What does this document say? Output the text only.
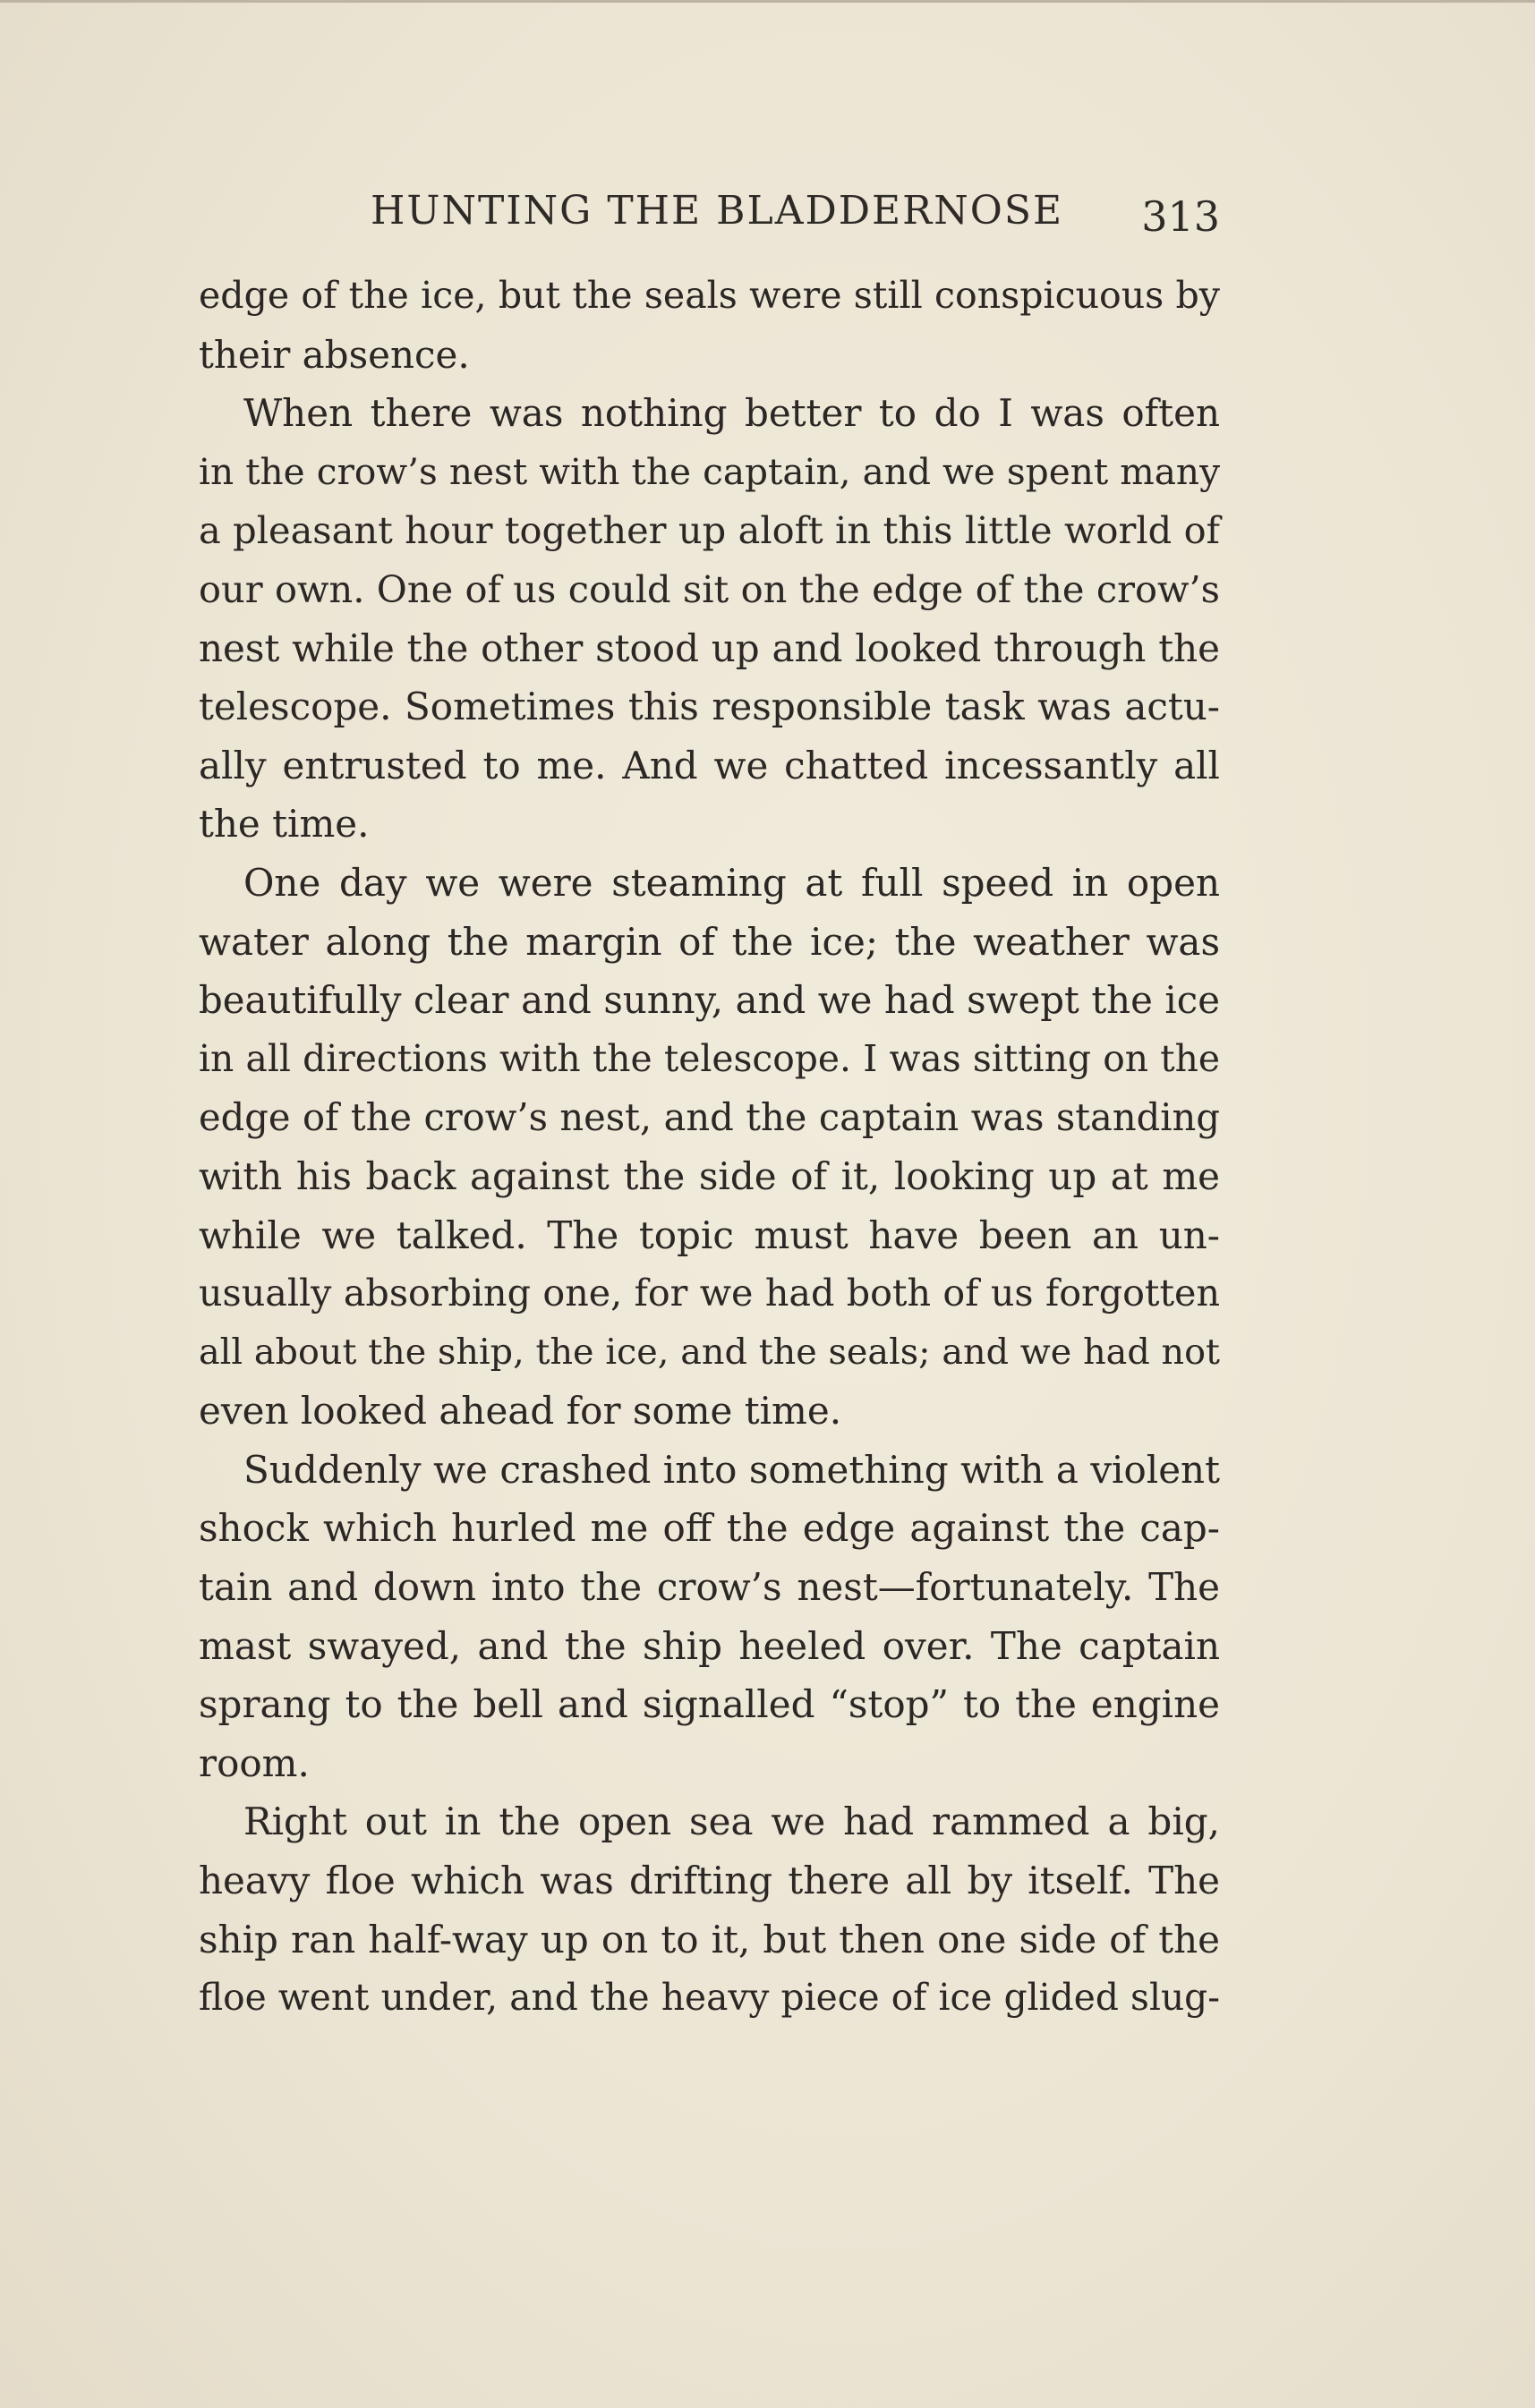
HUNTING THE BLADDERNOSE 313

edge of the ice, but the seals were still conspicuous by
their absence.

When there was nothing better to do I was often
in the crow’s nest with the captain, and we spent many
a pleasant hour together up aloft in this little world of
our own. One of us could sit on the edge of the crow’s
nest while the other stood up and looked through the
telescope. Sometimes this responsible task was actu-
ally entrusted to me. And we chatted incessantly all
the time.

One day we were steaming at full speed in open
water along the margin of the ice; the weather was
beautifully clear and sunny, and we had swept the ice
in all directions with the telescope. I was sitting on the
edge of the crow’s nest, and the captain was standing
with his back against the side of it, looking up at me
while we talked. The topic must have been an un-
usually absorbing one, for we had both of us forgotten
all about the ship, the ice, and the seals; and we had not
even looked ahead for some time.

Suddenly we crashed into something with a violent
shock which hurled me off the edge against the cap-
tain and down into the crow’s nest—fortunately. The
mast swayed, and the ship heeled over. The captain
sprang to the bell and signalled “stop” to the engine
room.

Right out in the open sea we had rammed a big,
heavy floe which was drifting there all by itself. The
ship ran half-way up on to it, but then one side of the
floe went under, and the heavy piece of ice glided slug-
